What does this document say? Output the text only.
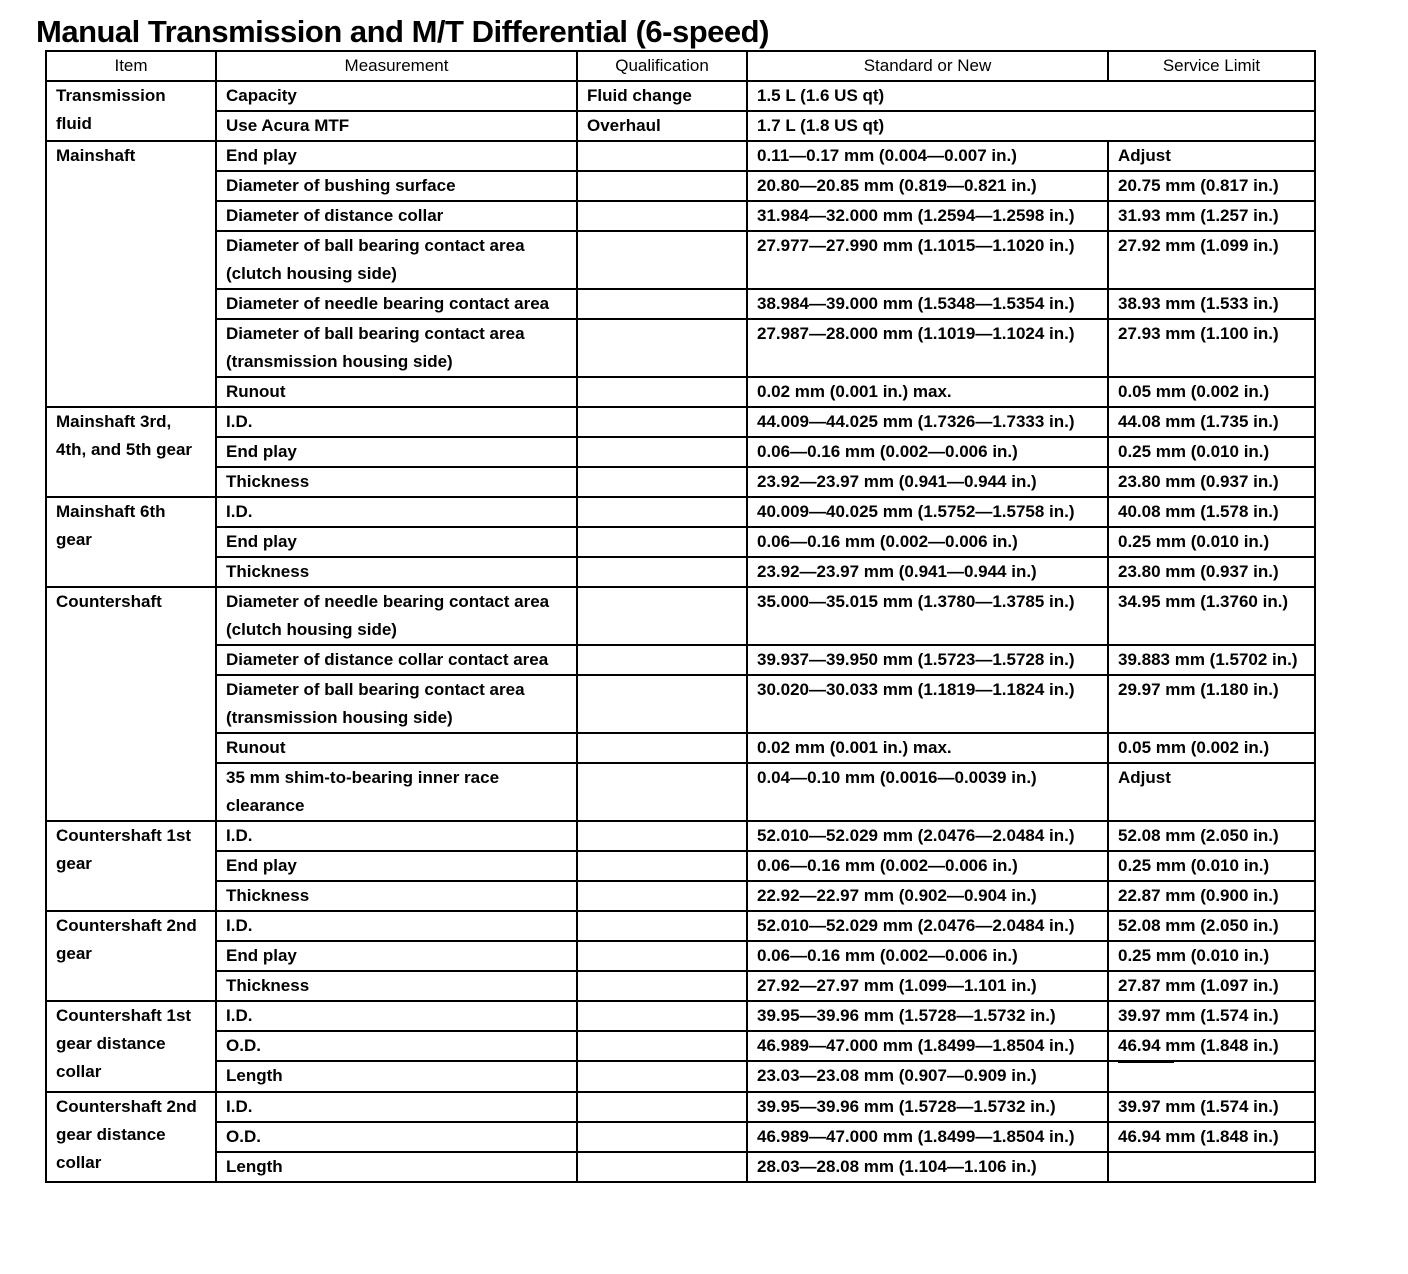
Manual Transmission and M/T Differential (6-speed)
Item	Measurement	Qualification	Standard or New	Service Limit
Transmission fluid	Capacity	Fluid change	1.5 L (1.6 US qt)	
	Use Acura MTF	Overhaul	1.7 L (1.8 US qt)	
Mainshaft	End play		0.11—0.17 mm (0.004—0.007 in.)	Adjust
	Diameter of bushing surface		20.80—20.85 mm (0.819—0.821 in.)	20.75 mm (0.817 in.)
	Diameter of distance collar		31.984—32.000 mm (1.2594—1.2598 in.)	31.93 mm (1.257 in.)
	Diameter of ball bearing contact area (clutch housing side)		27.977—27.990 mm (1.1015—1.1020 in.)	27.92 mm (1.099 in.)
	Diameter of needle bearing contact area		38.984—39.000 mm (1.5348—1.5354 in.)	38.93 mm (1.533 in.)
	Diameter of ball bearing contact area (transmission housing side)		27.987—28.000 mm (1.1019—1.1024 in.)	27.93 mm (1.100 in.)
	Runout		0.02 mm (0.001 in.) max.	0.05 mm (0.002 in.)
Mainshaft 3rd, 4th, and 5th gear	I.D.		44.009—44.025 mm (1.7326—1.7333 in.)	44.08 mm (1.735 in.)
	End play		0.06—0.16 mm (0.002—0.006 in.)	0.25 mm (0.010 in.)
	Thickness		23.92—23.97 mm (0.941—0.944 in.)	23.80 mm (0.937 in.)
Mainshaft 6th gear	I.D.		40.009—40.025 mm (1.5752—1.5758 in.)	40.08 mm (1.578 in.)
	End play		0.06—0.16 mm (0.002—0.006 in.)	0.25 mm (0.010 in.)
	Thickness		23.92—23.97 mm (0.941—0.944 in.)	23.80 mm (0.937 in.)
Countershaft	Diameter of needle bearing contact area (clutch housing side)		35.000—35.015 mm (1.3780—1.3785 in.)	34.95 mm (1.3760 in.)
	Diameter of distance collar contact area		39.937—39.950 mm (1.5723—1.5728 in.)	39.883 mm (1.5702 in.)
	Diameter of ball bearing contact area (transmission housing side)		30.020—30.033 mm (1.1819—1.1824 in.)	29.97 mm (1.180 in.)
	Runout		0.02 mm (0.001 in.) max.	0.05 mm (0.002 in.)
	35 mm shim-to-bearing inner race clearance		0.04—0.10 mm (0.0016—0.0039 in.)	Adjust
Countershaft 1st gear	I.D.		52.010—52.029 mm (2.0476—2.0484 in.)	52.08 mm (2.050 in.)
	End play		0.06—0.16 mm (0.002—0.006 in.)	0.25 mm (0.010 in.)
	Thickness		22.92—22.97 mm (0.902—0.904 in.)	22.87 mm (0.900 in.)
Countershaft 2nd gear	I.D.		52.010—52.029 mm (2.0476—2.0484 in.)	52.08 mm (2.050 in.)
	End play		0.06—0.16 mm (0.002—0.006 in.)	0.25 mm (0.010 in.)
	Thickness		27.92—27.97 mm (1.099—1.101 in.)	27.87 mm (1.097 in.)
Countershaft 1st gear distance collar	I.D.		39.95—39.96 mm (1.5728—1.5732 in.)	39.97 mm (1.574 in.)
	O.D.		46.989—47.000 mm (1.8499—1.8504 in.)	46.94 mm (1.848 in.)
	Length		23.03—23.08 mm (0.907—0.909 in.)	
Countershaft 2nd gear distance collar	I.D.		39.95—39.96 mm (1.5728—1.5732 in.)	39.97 mm (1.574 in.)
	O.D.		46.989—47.000 mm (1.8499—1.8504 in.)	46.94 mm (1.848 in.)
	Length		28.03—28.08 mm (1.104—1.106 in.)	
